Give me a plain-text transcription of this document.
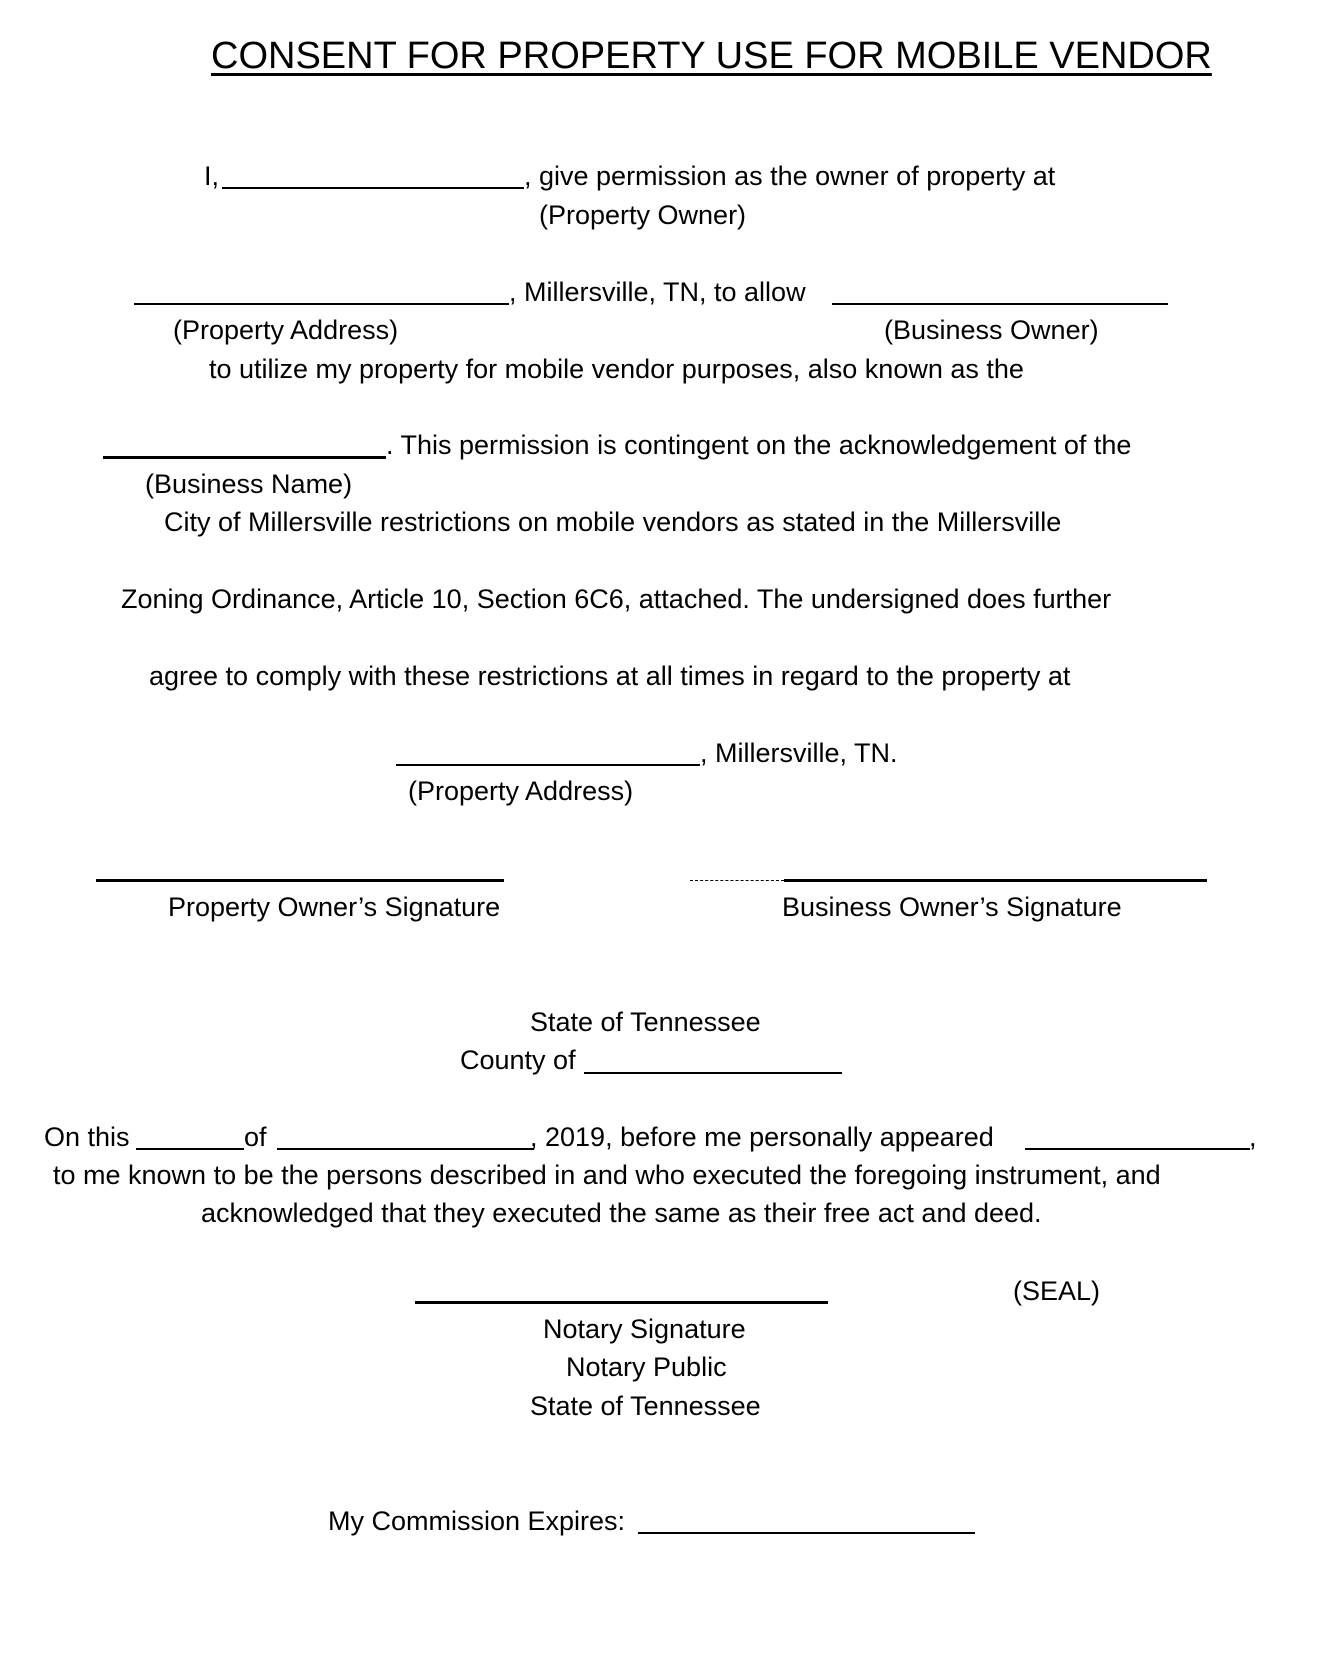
CONSENT FOR PROPERTY USE FOR MOBILE VENDOR
I,	, give permission as the owner of property at
(Property Owner)
, Millersville, TN, to allow
(Property Address)	(Business Owner)
to utilize my property for mobile vendor purposes, also known as the
. This permission is contingent on the acknowledgement of the
(Business Name)
City of Millersville restrictions on mobile vendors as stated in the Millersville
Zoning Ordinance, Article 10, Section 6C6, attached. The undersigned does further
agree to comply with these restrictions at all times in regard to the property at
, Millersville, TN.
(Property Address)
Property Owner’s Signature	Business Owner’s Signature
State of Tennessee
County of
On this	of	, 2019, before me personally appeared	,
to me known to be the persons described in and who executed the foregoing instrument, and
acknowledged that they executed the same as their free act and deed.
(SEAL)
Notary Signature
Notary Public
State of Tennessee
My Commission Expires:
